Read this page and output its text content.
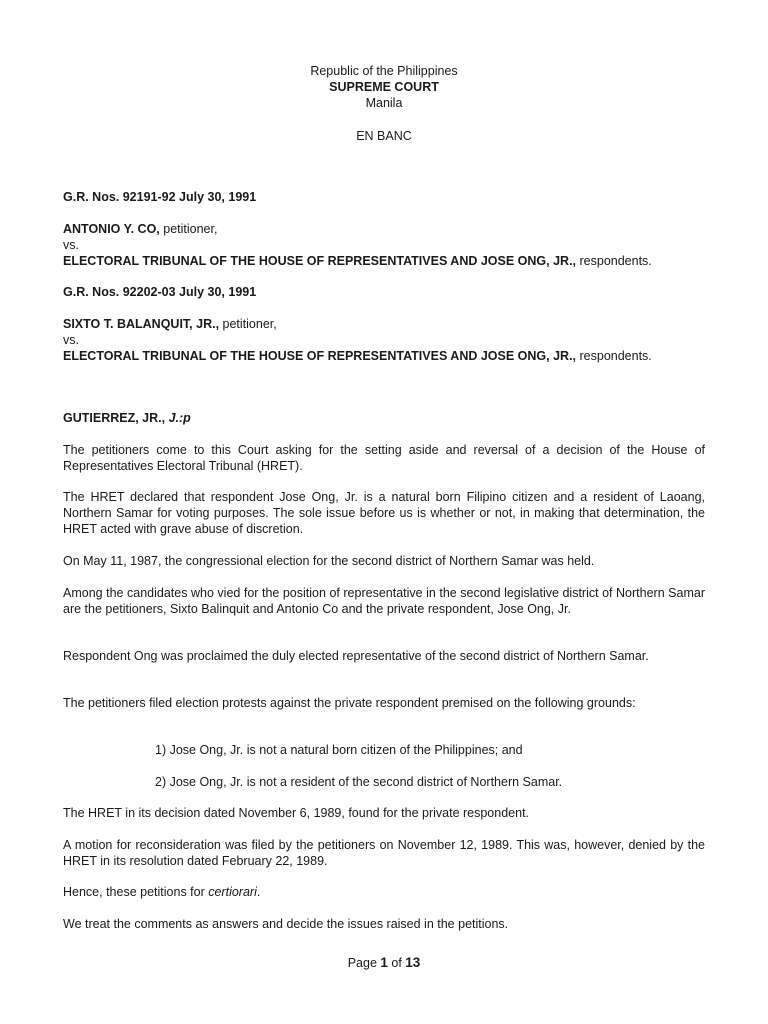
Republic of the Philippines
SUPREME COURT
Manila
EN BANC
G.R. Nos. 92191-92 July 30, 1991
ANTONIO Y. CO, petitioner,
vs.
ELECTORAL TRIBUNAL OF THE HOUSE OF REPRESENTATIVES AND JOSE ONG, JR., respondents.
G.R. Nos. 92202-03 July 30, 1991
SIXTO T. BALANQUIT, JR., petitioner,
vs.
ELECTORAL TRIBUNAL OF THE HOUSE OF REPRESENTATIVES AND JOSE ONG, JR., respondents.
GUTIERREZ, JR., J.:p
The petitioners come to this Court asking for the setting aside and reversal of a decision of the House of Representatives Electoral Tribunal (HRET).
The HRET declared that respondent Jose Ong, Jr. is a natural born Filipino citizen and a resident of Laoang, Northern Samar for voting purposes. The sole issue before us is whether or not, in making that determination, the HRET acted with grave abuse of discretion.
On May 11, 1987, the congressional election for the second district of Northern Samar was held.
Among the candidates who vied for the position of representative in the second legislative district of Northern Samar are the petitioners, Sixto Balinquit and Antonio Co and the private respondent, Jose Ong, Jr.
Respondent Ong was proclaimed the duly elected representative of the second district of Northern Samar.
The petitioners filed election protests against the private respondent premised on the following grounds:
1) Jose Ong, Jr. is not a natural born citizen of the Philippines; and
2) Jose Ong, Jr. is not a resident of the second district of Northern Samar.
The HRET in its decision dated November 6, 1989, found for the private respondent.
A motion for reconsideration was filed by the petitioners on November 12, 1989. This was, however, denied by the HRET in its resolution dated February 22, 1989.
Hence, these petitions for certiorari.
We treat the comments as answers and decide the issues raised in the petitions.
Page 1 of 13
